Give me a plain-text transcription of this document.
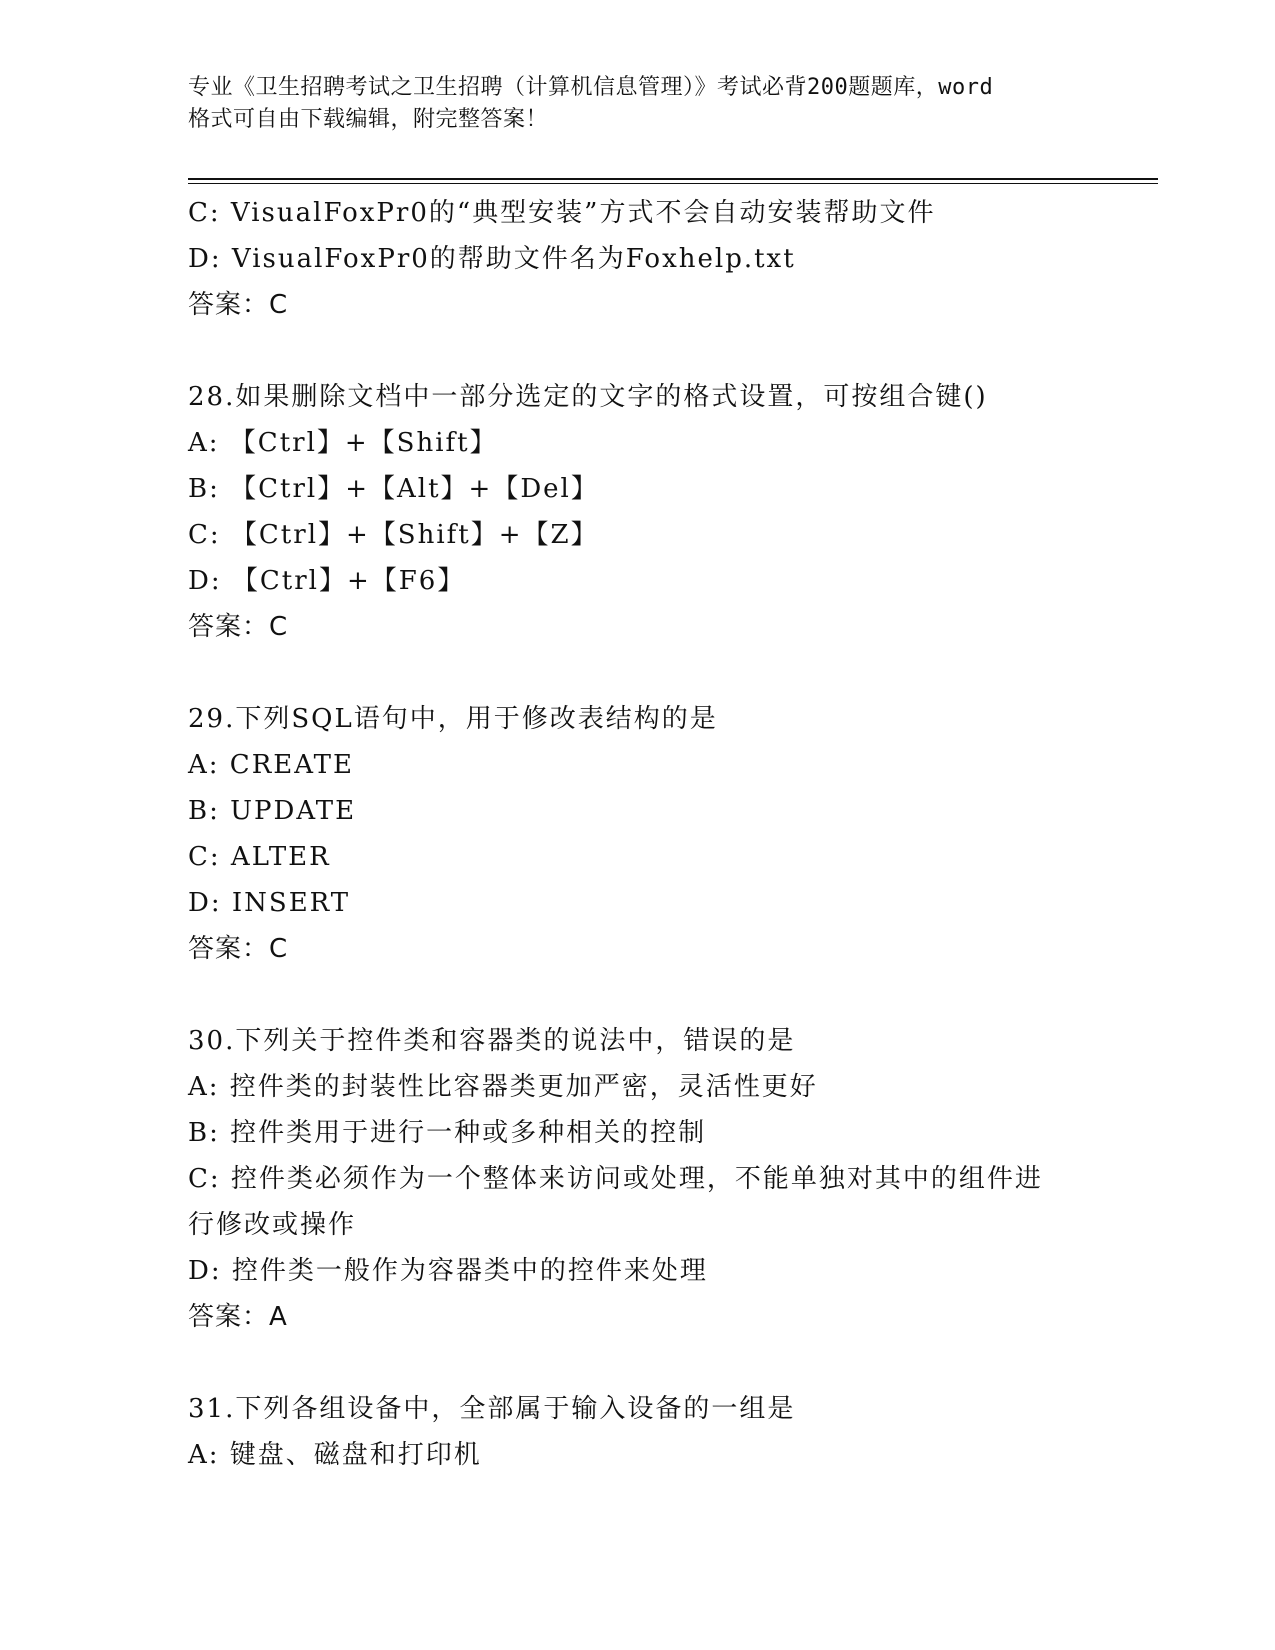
专业《卫生招聘考试之卫生招聘（计算机信息管理）》考试必背200题题库，word
格式可自由下载编辑，附完整答案！
C: VisualFoxPr0的“典型安装”方式不会自动安装帮助文件
D: VisualFoxPr0的帮助文件名为Foxhelp.txt
答案：C
28.如果删除文档中一部分选定的文字的格式设置，可按组合键()
A: 【Ctrl】+【Shift】
B: 【Ctrl】+【Alt】+【Del】
C: 【Ctrl】+【Shift】+【Z】
D: 【Ctrl】+【F6】
答案：C
29.下列SQL语句中，用于修改表结构的是
A: CREATE
B: UPDATE
C: ALTER
D: INSERT
答案：C
30.下列关于控件类和容器类的说法中，错误的是
A: 控件类的封装性比容器类更加严密，灵活性更好
B: 控件类用于进行一种或多种相关的控制
C: 控件类必须作为一个整体来访问或处理，不能单独对其中的组件进
行修改或操作
D: 控件类一般作为容器类中的控件来处理
答案：A
31.下列各组设备中，全部属于输入设备的一组是
A: 键盘、磁盘和打印机
